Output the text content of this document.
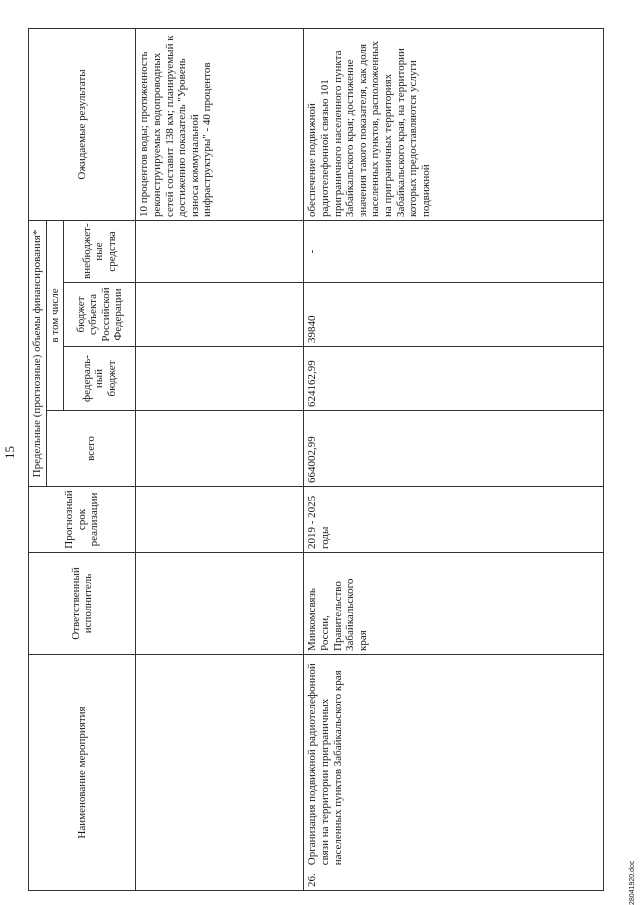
15
Наименование мероприятия	Ответственный исполнитель	Прогнозный срок реализации	Предельные (прогнозные) объемы финансирования*				Ожидаемые результаты
			всего	в том числе			
				федераль-ный бюджет	бюджет субъекта Российской Федерации	внебюджет-ные средства	
							10 процентов воды; протяженность реконструируемых водопроводных сетей составит 138 км; планируемый к достижению показатель "Уровень износа коммунальной инфраструктуры" - 40 процентов

26.
Организация подвижной радиотелефонной связи на территории приграничных населенных пунктов Забайкальского края	Минкомсвязь России, Правительство Забайкальского края	2019 - 2025 годы	664002,99	624162,99	39840	-	обеспечение подвижной радиотелефонной связью 101 приграничного населенного пункта Забайкальского края; достижение значения такого показателя, как доля населенных пунктов, расположенных на приграничных территориях Забайкальского края, на территории которых предоставляются услуги подвижной
28041920.doc
